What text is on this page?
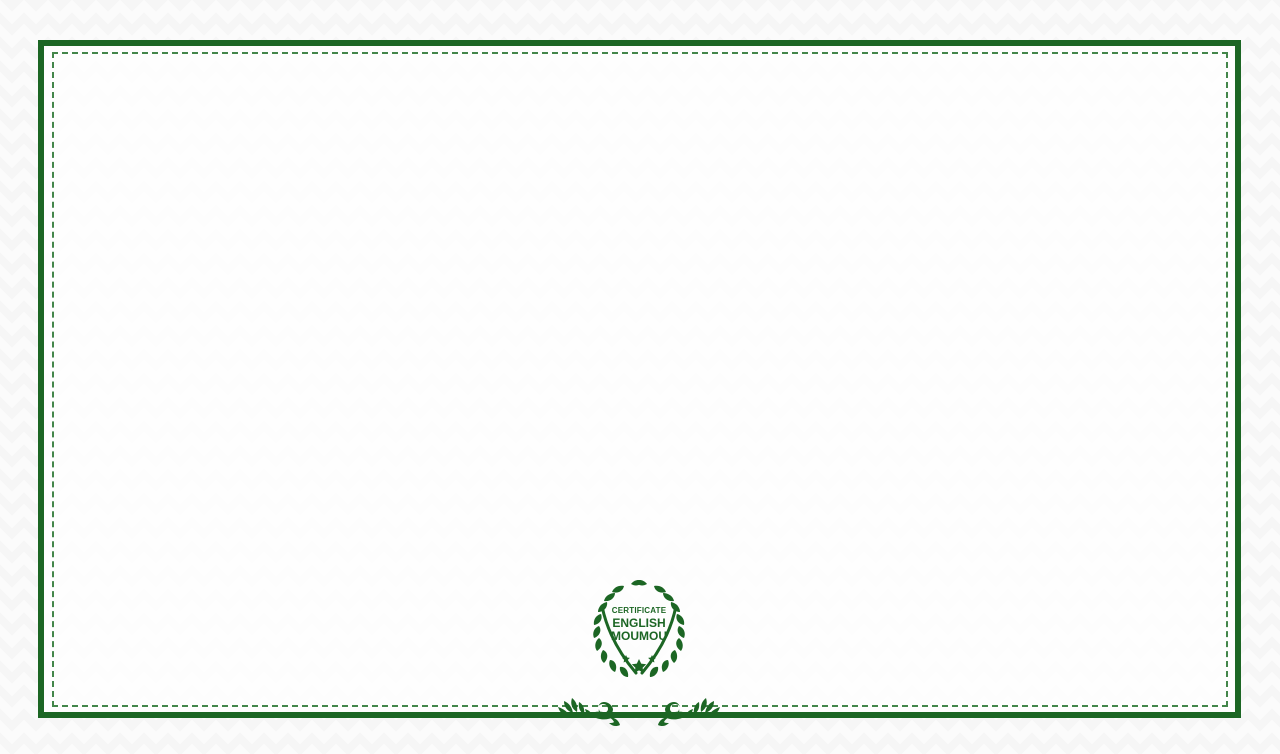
CERTIFICATE
ENGLISH
MOUMOU
